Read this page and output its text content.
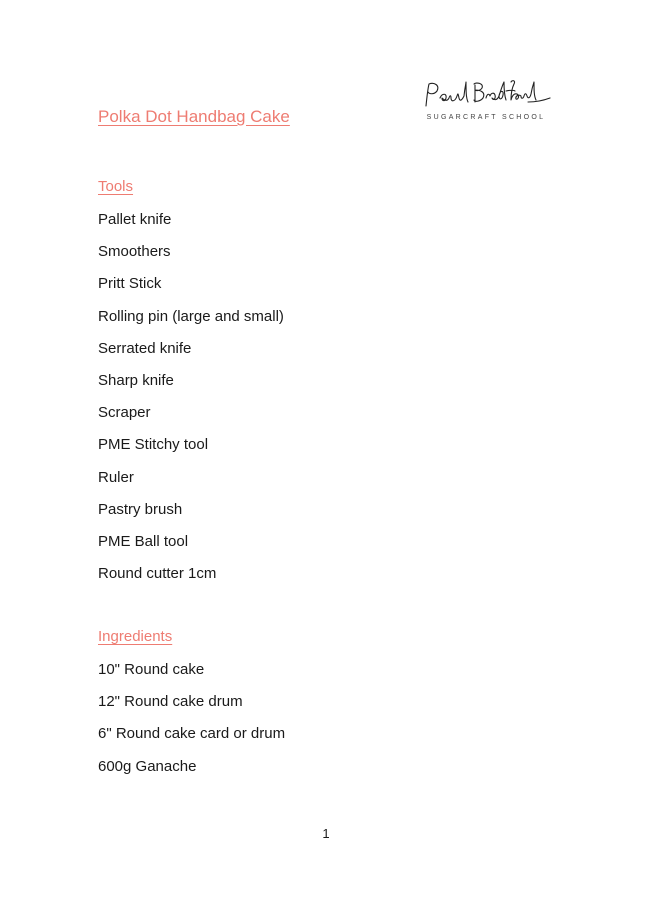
Polka Dot Handbag Cake	SUGARCRAFT SCHOOL
Tools
Pallet knife
Smoothers
Pritt Stick
Rolling pin (large and small)
Serrated knife
Sharp knife
Scraper
PME Stitchy tool
Ruler
Pastry brush
PME Ball tool
Round cutter 1cm
Ingredients
10" Round cake
12" Round cake drum
6" Round cake card or drum
600g Ganache
1
